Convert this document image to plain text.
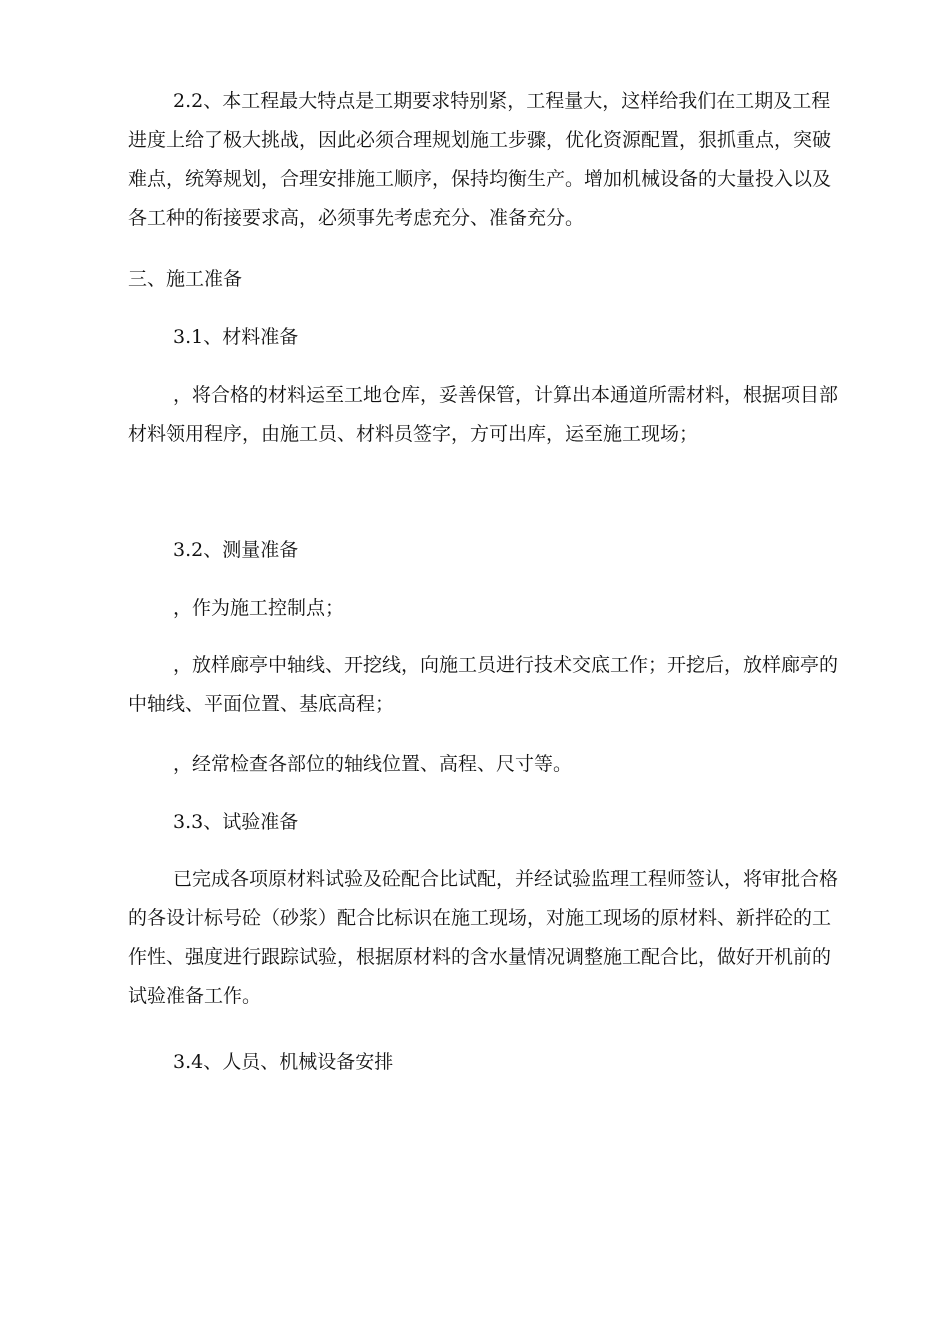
2.2、本工程最大特点是工期要求特别紧，工程量大，这样给我们在工期及工程进度上给了极大挑战，因此必须合理规划施工步骤，优化资源配置，狠抓重点，突破难点，统筹规划，合理安排施工顺序，保持均衡生产。增加机械设备的大量投入以及各工种的衔接要求高，必须事先考虑充分、准备充分。

三、施工准备

3.1、材料准备

，将合格的材料运至工地仓库，妥善保管，计算出本通道所需材料，根据项目部材料领用程序，由施工员、材料员签字，方可出库，运至施工现场；

3.2、测量准备

，作为施工控制点；

，放样廊亭中轴线、开挖线，向施工员进行技术交底工作；开挖后，放样廊亭的中轴线、平面位置、基底高程；

，经常检查各部位的轴线位置、高程、尺寸等。

3.3、试验准备

已完成各项原材料试验及砼配合比试配，并经试验监理工程师签认，将审批合格的各设计标号砼（砂浆）配合比标识在施工现场，对施工现场的原材料、新拌砼的工作性、强度进行跟踪试验，根据原材料的含水量情况调整施工配合比，做好开机前的试验准备工作。

3.4、人员、机械设备安排
